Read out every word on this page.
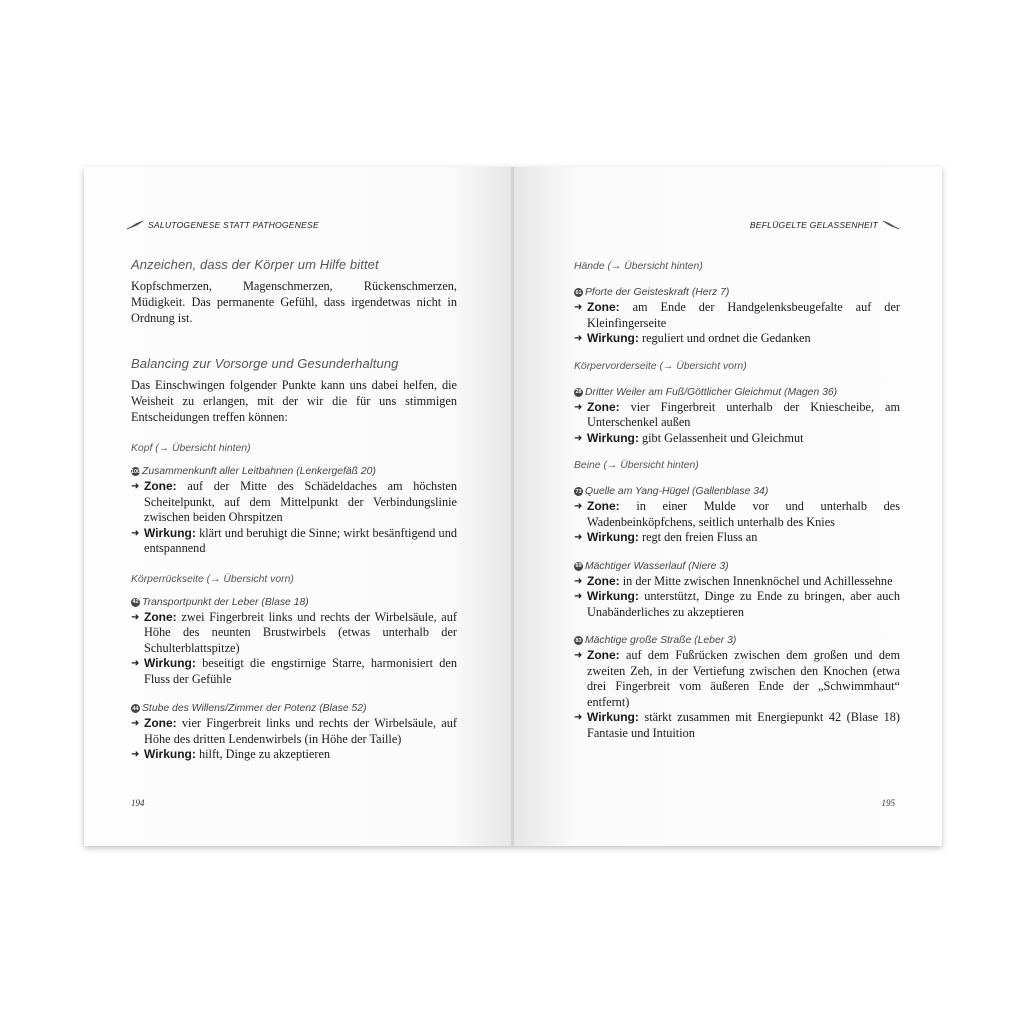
SALUTOGENESE STATT PATHOGENESE
Anzeichen, dass der Körper um Hilfe bittet

Kopfschmerzen, Magenschmerzen, Rückenschmerzen, Müdigkeit. Das permanente Gefühl, dass irgendetwas nicht in Ordnung ist.

Balancing zur Vorsorge und Gesunderhaltung

Das Einschwingen folgender Punkte kann uns dabei helfen, die Weisheit zu erlangen, mit der wir die für uns stimmigen Entscheidungen treffen können:

Kopf (→ Übersicht hinten)

100 Zusammenkunft aller Leitbahnen (Lenkergefäß 20)
➜ Zone: auf der Mitte des Schädeldaches am höchsten Scheitelpunkt, auf dem Mittelpunkt der Verbindungslinie zwischen beiden Ohrspitzen
➜ Wirkung: klärt und beruhigt die Sinne; wirkt besänftigend und entspannend

Körperrückseite (→ Übersicht vorn)

42 Transportpunkt der Leber (Blase 18)
➜ Zone: zwei Fingerbreit links und rechts der Wirbelsäule, auf Höhe des neunten Brustwirbels (etwas unterhalb der Schulterblattspitze)
➜ Wirkung: beseitigt die engstirnige Starre, harmonisiert den Fluss der Gefühle
44 Stube des Willens/Zimmer der Potenz (Blase 52)
➜ Zone: vier Fingerbreit links und rechts der Wirbelsäule, auf Höhe des dritten Lendenwirbels (in Höhe der Taille)
➜ Wirkung: hilft, Dinge zu akzeptieren
194
BEFLÜGELTE GELASSENHEIT

Hände (→ Übersicht hinten)

61 Pforte der Geisteskraft (Herz 7)
➜ Zone: am Ende der Handgelenksbeugefalte auf der Kleinfingerseite
➜ Wirkung: reguliert und ordnet die Gedanken

Körpervorderseite (→ Übersicht vorn)

28 Dritter Weiler am Fuß/Göttlicher Gleichmut (Magen 36)
➜ Zone: vier Fingerbreit unterhalb der Kniescheibe, am Unterschenkel außen
➜ Wirkung: gibt Gelassenheit und Gleichmut

Beine (→ Übersicht hinten)

73 Quelle am Yang-Hügel (Gallenblase 34)
➜ Zone: in einer Mulde vor und unterhalb des Wadenbeinköpfchens, seitlich unterhalb des Knies
➜ Wirkung: regt den freien Fluss an
69 Mächtiger Wasserlauf (Niere 3)
➜ Zone: in der Mitte zwischen Innenknöchel und Achillessehne
➜ Wirkung: unterstützt, Dinge zu Ende zu bringen, aber auch Unabänderliches zu akzeptieren
83 Mächtige große Straße (Leber 3)
➜ Zone: auf dem Fußrücken zwischen dem großen und dem zweiten Zeh, in der Vertiefung zwischen den Knochen (etwa drei Fingerbreit vom äußeren Ende der „Schwimmhaut“ entfernt)
➜ Wirkung: stärkt zusammen mit Energiepunkt 42 (Blase 18) Fantasie und Intuition
195
